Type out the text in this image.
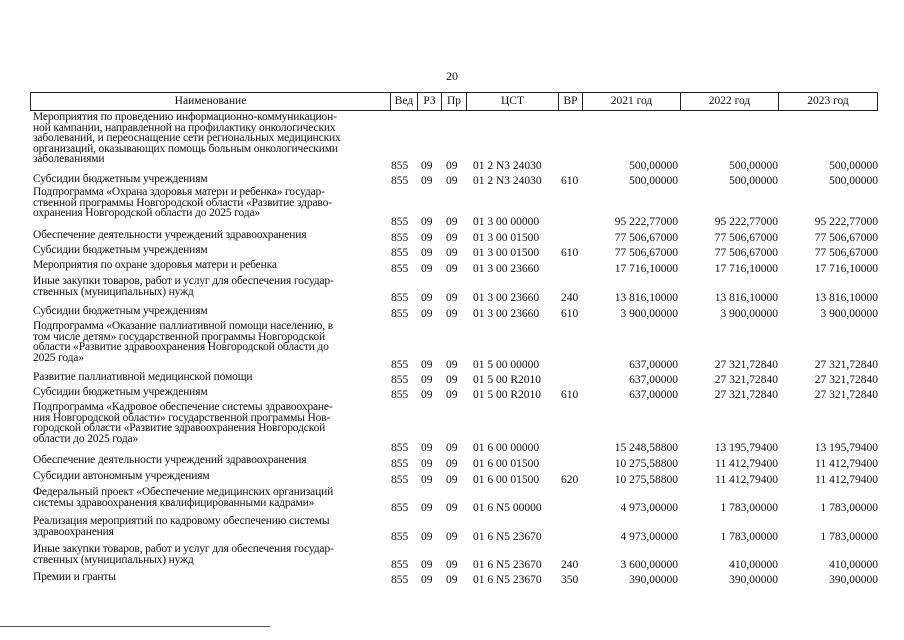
20
Наименование	Вед РЗ Пр	ЦСТ	ВР	2021 год	2022 год	2023 год
Мероприятия по проведению информационно-коммуникацион-
ной кампании, направленной на профилактику онкологических
заболеваний, и переоснащение сети региональных медицинских
организаций, оказывающих помощь больным онкологическими
заболеваниями
855 09 09 01 2 N3 24030	500,00000	500,00000	500,00000
Субсидии бюджетным учреждениям	855 09 09 01 2 N3 24030 610	500,00000	500,00000	500,00000
Подпрограмма «Охрана здоровья матери и ребенка» государ-
ственной программы Новгородской области «Развитие здраво-
охранения Новгородской области до 2025 года»
855 09 09 01 3 00 00000	95 222,77000	95 222,77000	95 222,77000
Обеспечение деятельности учреждений здравоохранения	855 09 09 01 3 00 01500	77 506,67000	77 506,67000	77 506,67000
Субсидии бюджетным учреждениям	855 09 09 01 3 00 01500 610	77 506,67000	77 506,67000	77 506,67000
Мероприятия по охране здоровья матери и ребенка	855 09 09 01 3 00 23660	17 716,10000	17 716,10000	17 716,10000
Иные закупки товаров, работ и услуг для обеспечения государ-
ственных (муниципальных) нужд
855 09 09 01 3 00 23660 240	13 816,10000	13 816,10000	13 816,10000
Субсидии бюджетным учреждениям	855 09 09 01 3 00 23660 610	3 900,00000	3 900,00000	3 900,00000
Подпрограмма «Оказание паллиативной помощи населению, в
том числе детям» государственной программы Новгородской
области «Развитие здравоохранения Новгородской области до
2025 года»
855 09 09 01 5 00 00000	637,00000	27 321,72840	27 321,72840
Развитие паллиативной медицинской помощи	855 09 09 01 5 00 R2010	637,00000	27 321,72840	27 321,72840
Субсидии бюджетным учреждениям	855 09 09 01 5 00 R2010 610	637,00000	27 321,72840	27 321,72840
Подпрограмма «Кадровое обеспечение системы здравоохране-
ния Новгородской области» государственной программы Нов-
городской области «Развитие здравоохранения Новгородской
области до 2025 года»
855 09 09 01 6 00 00000	15 248,58800	13 195,79400	13 195,79400
Обеспечение деятельности учреждений здравоохранения	855 09 09 01 6 00 01500	10 275,58800	11 412,79400	11 412,79400
Субсидии автономным учреждениям	855 09 09 01 6 00 01500 620	10 275,58800	11 412,79400	11 412,79400
Федеральный проект «Обеспечение медицинских организаций
системы здравоохранения квалифицированными кадрами»	855 09 09 01 6 N5 00000	4 973,00000	1 783,00000	1 783,00000
Реализация мероприятий по кадровому обеспечению системы
здравоохранения	855 09 09 01 6 N5 23670	4 973,00000	1 783,00000	1 783,00000
Иные закупки товаров, работ и услуг для обеспечения государ-
ственных (муниципальных) нужд	855 09 09 01 6 N5 23670 240	3 600,00000	410,00000	410,00000
Премии и гранты	855 09 09 01 6 N5 23670 350	390,00000	390,00000	390,00000
